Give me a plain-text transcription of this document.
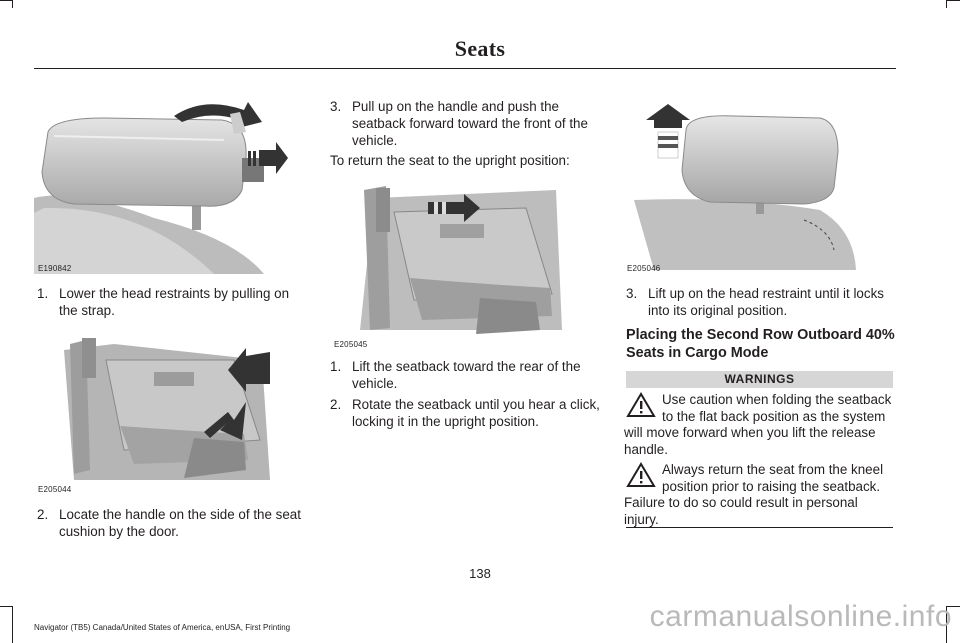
Seats
E190842
1. Lower the head restraints by pulling on the strap.
E205044
2. Locate the handle on the side of the seat cushion by the door.
3. Pull up on the handle and push the seatback forward toward the front of the vehicle.
To return the seat to the upright position:
E205045
1. Lift the seatback toward the rear of the vehicle.
2. Rotate the seatback until you hear a click, locking it in the upright position.
E205046
3. Lift up on the head restraint until it locks into its original position.
Placing the Second Row Outboard 40% Seats in Cargo Mode
WARNINGS
Use caution when folding the seatback
to the flat back position as the system
will move forward when you lift the release handle.
Always return the seat from the kneel
position prior to raising the seatback.
Failure to do so could result in personal injury.
138
Navigator (TB5) Canada/United States of America, enUSA, First Printing	carmanualsonline.info
